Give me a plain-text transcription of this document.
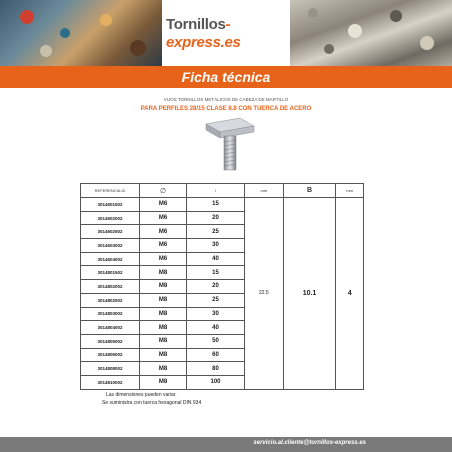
Tornillos-express.es
Ficha técnica
VIJOS TORNILLOS METÁLICOS DE CABEZA DE MARTILLO
PARA PERFILES 28/15 CLASE 8.8 CON TUERCA DE ACERO
REFERENCIA ID	∅	l	mm	B	mm
3014601502	M6	15	22.5	10.1	4
3014602002	M6	20			
3014602502	M6	25			
3014603002	M6	30			
3014604002	M6	40			
3014801502	M8	15			
3014802002	M8	20			
3014802502	M8	25			
3014803002	M8	30			
3014804002	M8	40			
3014805002	M8	50			
3014806002	M8	60			
3014808002	M8	80			
3014810002	M8	100			
Las dimensiones pueden variar.
Se suministra con tuerca hexagonal DIN 934
servicio.al.cliente@tornillos-express.es
